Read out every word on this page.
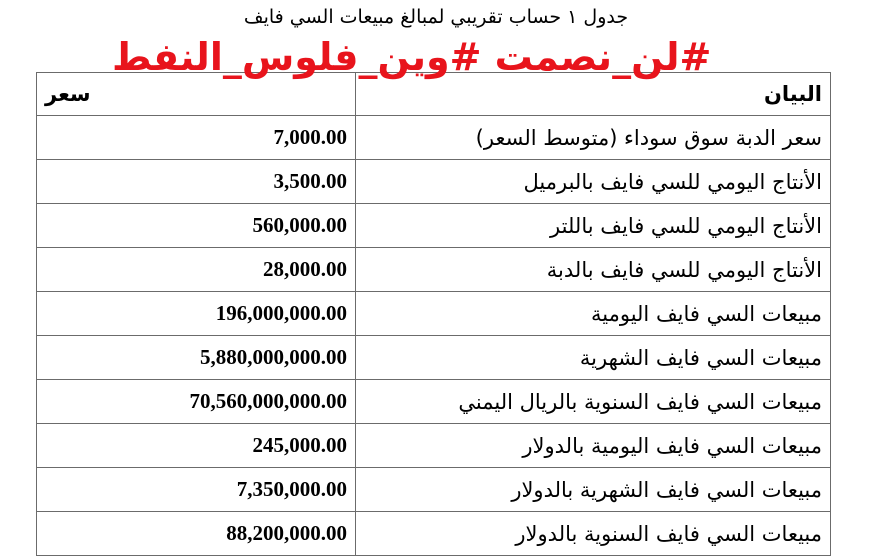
جدول ١ حساب تقريبي لمبالغ مبيعات السي فايف
سعر	البيان
7,000.00	سعر الدبة سوق سوداء (متوسط السعر)
3,500.00	الأنتاج اليومي للسي فايف بالبرميل
560,000.00	الأنتاج اليومي للسي فايف باللتر
28,000.00	الأنتاج اليومي للسي فايف بالدبة
196,000,000.00	مبيعات السي فايف اليومية
5,880,000,000.00	مبيعات السي فايف الشهرية
70,560,000,000.00	مبيعات السي فايف السنوية بالريال اليمني
245,000.00	مبيعات السي فايف اليومية بالدولار
7,350,000.00	مبيعات السي فايف الشهرية بالدولار
88,200,000.00	مبيعات السي فايف السنوية بالدولار
#لن_نصمت #وين_فلوس_النفط
